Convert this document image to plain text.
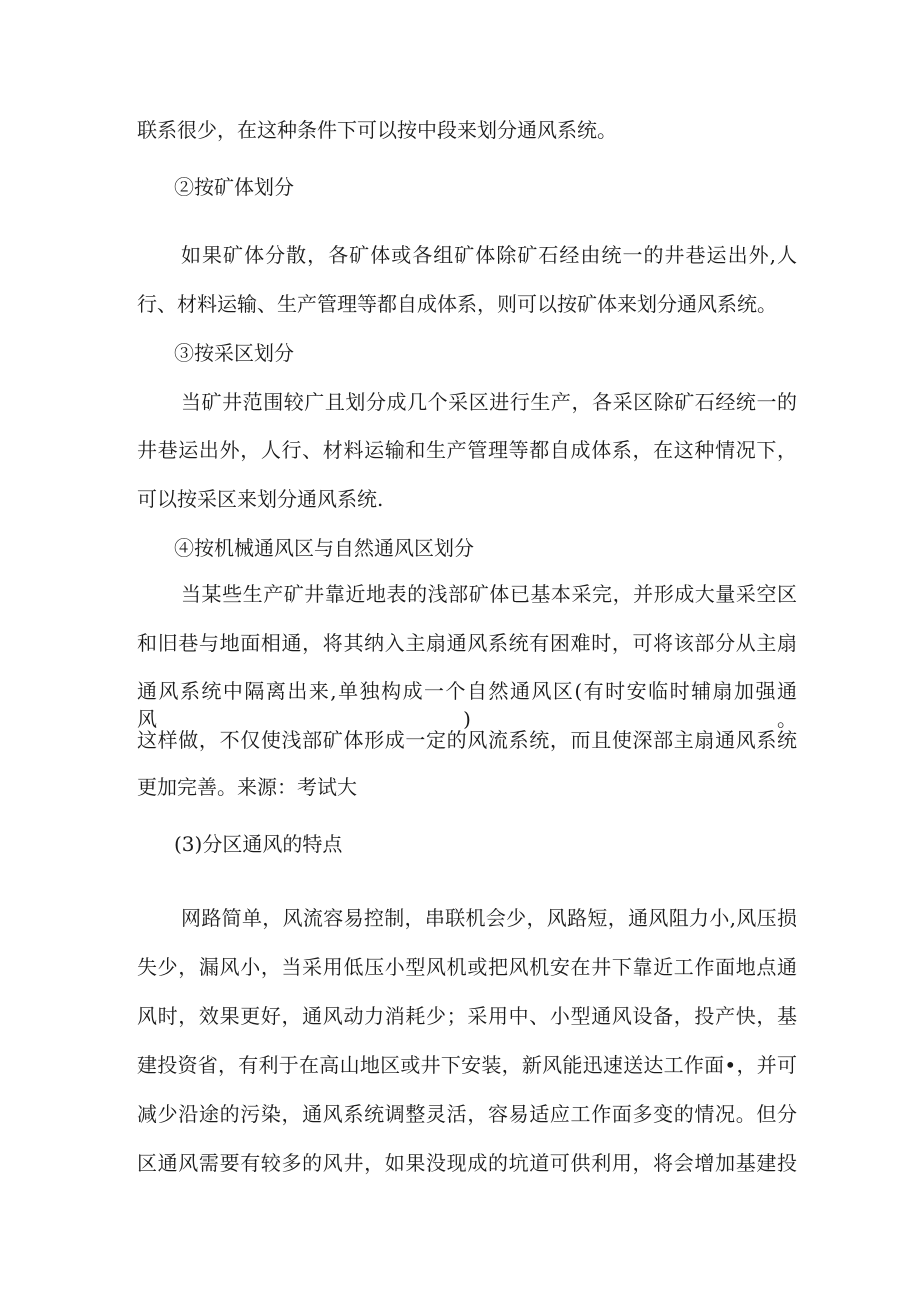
联系很少，在这种条件下可以按中段来划分通风系统。
②按矿体划分
如果矿体分散，各矿体或各组矿体除矿石经由统一的井巷运出外,人
行、材料运输、生产管理等都自成体系，则可以按矿体来划分通风系统。
③按采区划分
当矿井范围较广且划分成几个采区进行生产，各采区除矿石经统一的
井巷运出外，人行、材料运输和生产管理等都自成体系，在这种情况下，
可以按采区来划分通风系统.
④按机械通风区与自然通风区划分
当某些生产矿井靠近地表的浅部矿体已基本采完，并形成大量采空区
和旧巷与地面相通，将其纳入主扇通风系统有困难时，可将该部分从主扇
通风系统中隔离出来,单独构成一个自然通风区(有时安临时辅扇加强通风)。
这样做，不仅使浅部矿体形成一定的风流系统，而且使深部主扇通风系统
更加完善。来源：考试大
(3)分区通风的特点
网路简单，风流容易控制，串联机会少，风路短，通风阻力小,风压损
失少，漏风小，当采用低压小型风机或把风机安在井下靠近工作面地点通
风时，效果更好，通风动力消耗少；采用中、小型通风设备，投产快，基
建投资省，有利于在高山地区或井下安装，新风能迅速送达工作面•，并可
减少沿途的污染，通风系统调整灵活，容易适应工作面多变的情况。但分
区通风需要有较多的风井，如果没现成的坑道可供利用，将会增加基建投
